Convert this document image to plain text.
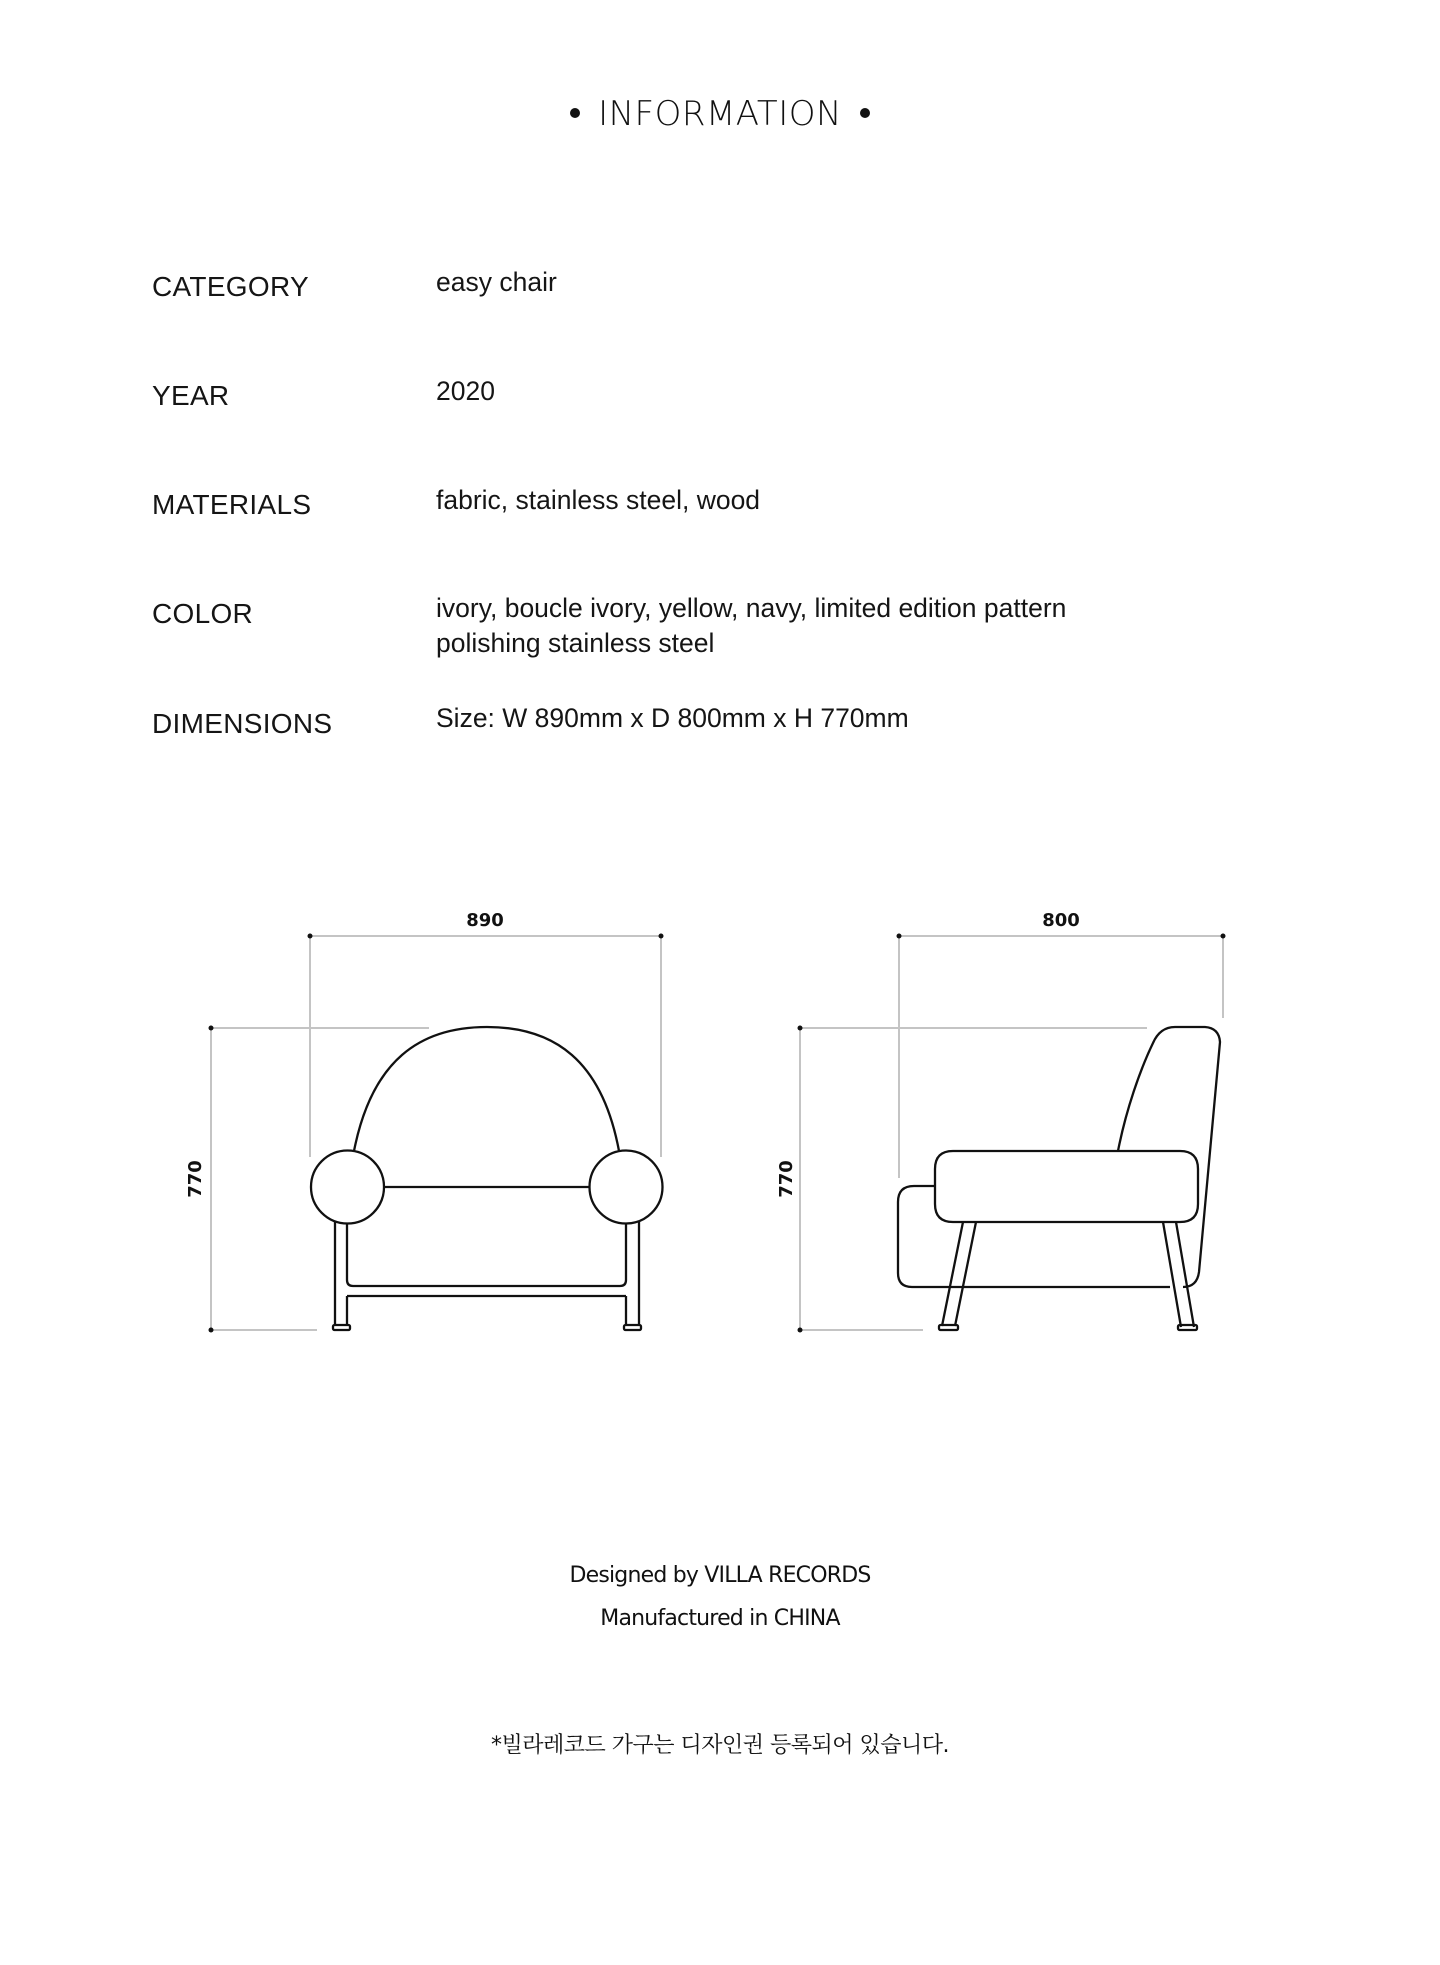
INFORMATION
CATEGORY	easy chair
YEAR	2020
MATERIALS	fabric, stainless steel, wood
COLOR	ivory, boucle ivory, yellow, navy, limited edition pattern
polishing stainless steel
DIMENSIONS	Size: W 890mm x D 800mm x H 770mm
890
770
800
770
Designed by VILLA RECORDS
Manufactured in CHINA
*빌라레코드 가구는 디자인권 등록되어 있습니다.
